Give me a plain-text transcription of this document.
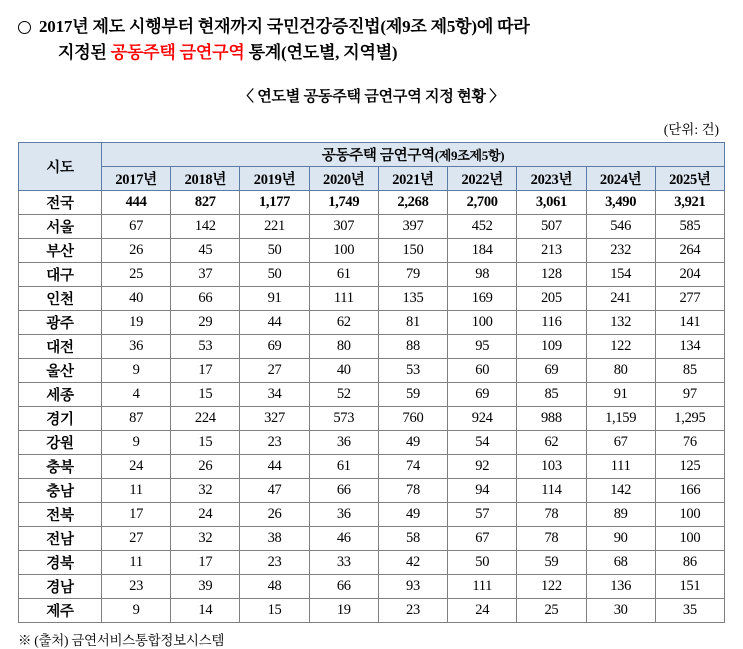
2017년 제도 시행부터 현재까지 국민건강증진법(제9조 제5항)에 따라
지정된 공동주택 금연구역 통계(연도별, 지역별)
〈 연도별 공동주택 금연구역 지정 현황 〉
(단위: 건)
시도	공동주택 금연구역(제9조제5항)								
	2017년	2018년	2019년	2020년	2021년	2022년	2023년	2024년	2025년
전국	444	827	1,177	1,749	2,268	2,700	3,061	3,490	3,921
서울	67	142	221	307	397	452	507	546	585
부산	26	45	50	100	150	184	213	232	264
대구	25	37	50	61	79	98	128	154	204
인천	40	66	91	111	135	169	205	241	277
광주	19	29	44	62	81	100	116	132	141
대전	36	53	69	80	88	95	109	122	134
울산	9	17	27	40	53	60	69	80	85
세종	4	15	34	52	59	69	85	91	97
경기	87	224	327	573	760	924	988	1,159	1,295
강원	9	15	23	36	49	54	62	67	76
충북	24	26	44	61	74	92	103	111	125
충남	11	32	47	66	78	94	114	142	166
전북	17	24	26	36	49	57	78	89	100
전남	27	32	38	46	58	67	78	90	100
경북	11	17	23	33	42	50	59	68	86
경남	23	39	48	66	93	111	122	136	151
제주	9	14	15	19	23	24	25	30	35
※ (출처) 금연서비스통합정보시스템
